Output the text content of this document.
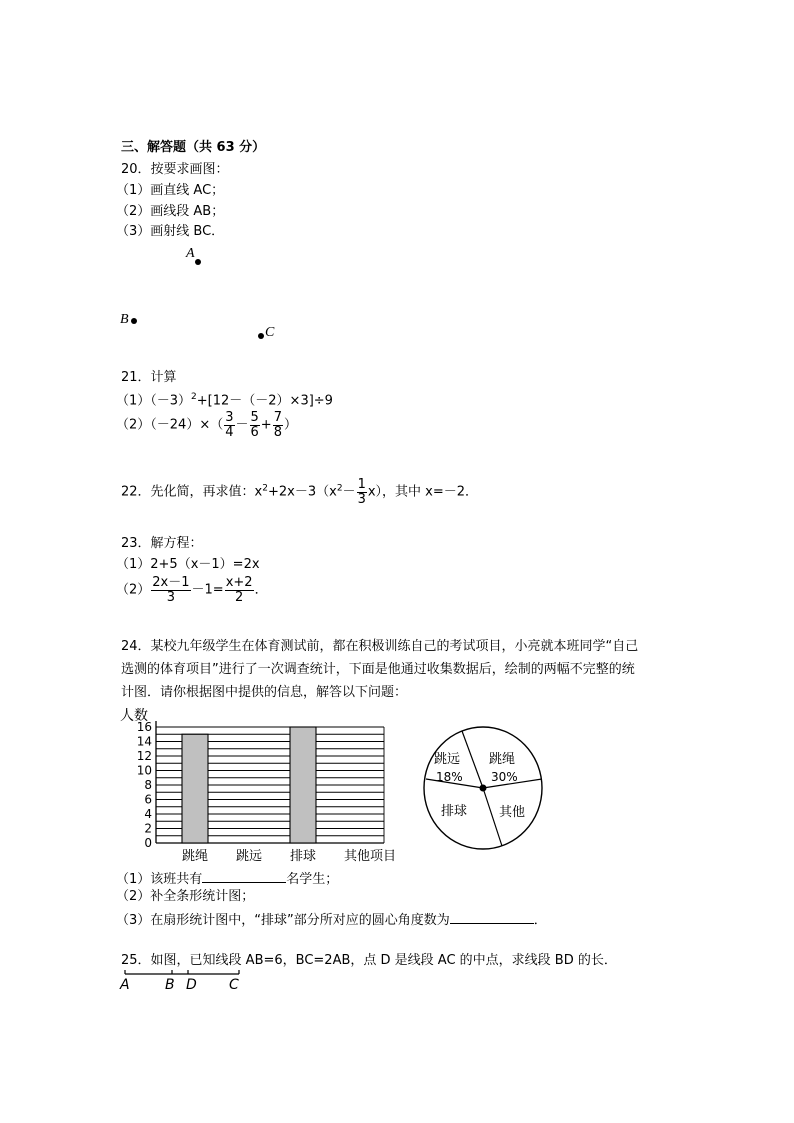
三、解答题（共 63 分）
20．按要求画图：
（1）画直线 AC；
（2）画线段 AB；
（3）画射线 BC．
A
B
C
21．计算
$(1)(-3)^2+[12-(-2)\times 3]\div 9$
$(2)(-24)\times( \frac{3}{4} - \frac{5}{6} + \frac{7}{8}$ ）
22．先化简，再求值：$x^2+2x-3(x^2- \frac{1}{3} x)$，其中 x=－2．
23．解方程：
（1）2+5（x－1）=2x
$(2) \frac{2x-1}{3} -1= \frac{x+2}{2}$ ．
24．某校九年级学生在体育测试前，都在积极训练自己的考试项目，小亮就本班同学“自己
选测的体育项目”进行了一次调查统计，下面是他通过收集数据后，绘制的两幅不完整的统
计图．请你根据图中提供的信息，解答以下问题：
0
2
4
6
8
10
12
14
16
跳绳 跳远 排球 其他
人数
项目
跳远
18%
跳绳
30%
排球 其他
（1）该班共有	名学生；
（2）补全条形统计图；
（3）在扇形统计图中，“排球”部分所对应的圆心角度数为	．
25．如图，已知线段 AB=6，BC=2AB，点 D 是线段 AC 的中点，求线段 BD 的长．
A	B D C
